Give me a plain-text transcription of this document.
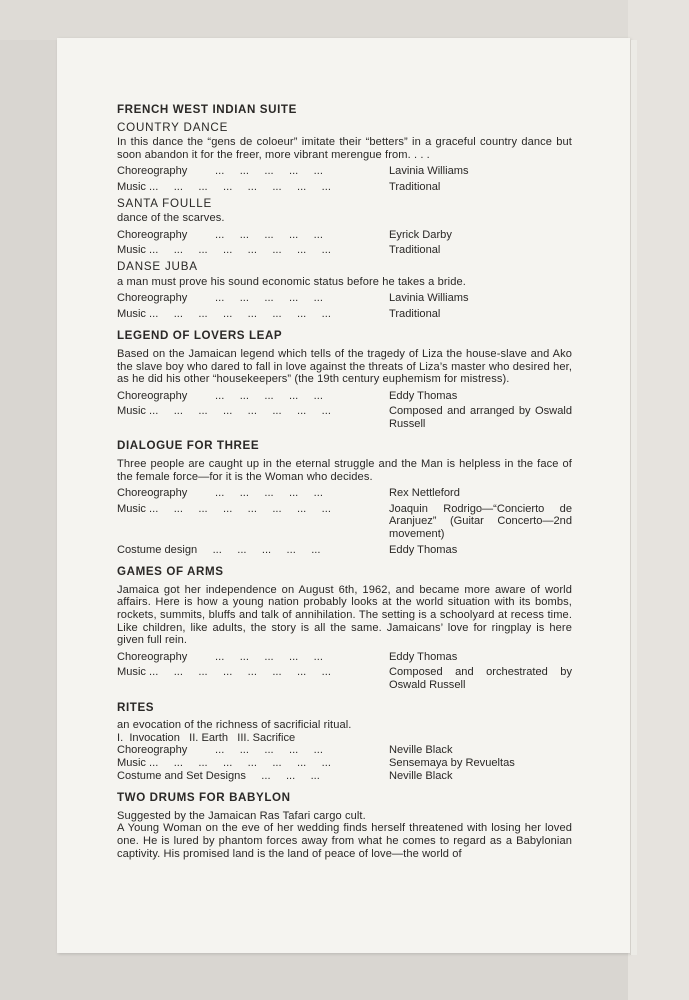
FRENCH WEST INDIAN SUITE
COUNTRY DANCE

In this dance the “gens de coloeur” imitate their “betters” in a graceful country dance but soon abandon it for the freer, more vibrant merengue from. . . .

Choreography         ...     ...     ...     ...     ...	Lavinia Williams
Music ...     ...     ...     ...     ...     ...     ...     ...	Traditional
SANTA FOULLE

dance of the scarves.

Choreography         ...     ...     ...     ...     ...	Eyrick Darby
Music ...     ...     ...     ...     ...     ...     ...     ...	Traditional
DANSE JUBA

a man must prove his sound economic status before he takes a bride.

Choreography         ...     ...     ...     ...     ...	Lavinia Williams
Music ...     ...     ...     ...     ...     ...     ...     ...	Traditional
LEGEND OF LOVERS LEAP

Based on the Jamaican legend which tells of the tragedy of Liza the house-slave and Ako the slave boy who dared to fall in love against the threats of Liza’s master who desired her, as he did his other “housekeepers” (the 19th century euphemism for mistress).

Choreography         ...     ...     ...     ...     ...	Eddy Thomas
Music ...     ...     ...     ...     ...     ...     ...     ...	Composed and arranged by Oswald Russell
DIALOGUE FOR THREE

Three people are caught up in the eternal struggle and the Man is helpless in the face of the female force—for it is the Woman who decides.

Choreography         ...     ...     ...     ...     ...	Rex Nettleford
Music ...     ...     ...     ...     ...     ...     ...     ...	Joaquin Rodrigo—“Concierto de Aranjuez” (Guitar Concerto—2nd movement)
Costume design     ...     ...     ...     ...     ...	Eddy Thomas
GAMES OF ARMS

Jamaica got her independence on August 6th, 1962, and became more aware of world affairs. Here is how a young nation probably looks at the world situation with its bombs, rockets, summits, bluffs and talk of annihilation. The setting is a schoolyard at recess time. Like children, like adults, the story is all the same. Jamaicans’ love for ringplay is here given full rein.

Choreography         ...     ...     ...     ...     ...	Eddy Thomas
Music ...     ...     ...     ...     ...     ...     ...     ...	Composed and orchestrated by Oswald Russell
RITES

an evocation of the richness of sacrificial ritual.

I.  Invocation   II. Earth   III. Sacrifice

Choreography         ...     ...     ...     ...     ...	Neville Black
Music ...     ...     ...     ...     ...     ...     ...     ...	Sensemaya by Revueltas
Costume and Set Designs     ...     ...     ...	Neville Black
TWO DRUMS FOR BABYLON

Suggested by the Jamaican Ras Tafari cargo cult.

A Young Woman on the eve of her wedding finds herself threatened with losing her loved one. He is lured by phantom forces away from what he comes to regard as a Babylonian captivity. His promised land is the land of peace of love—the world of
